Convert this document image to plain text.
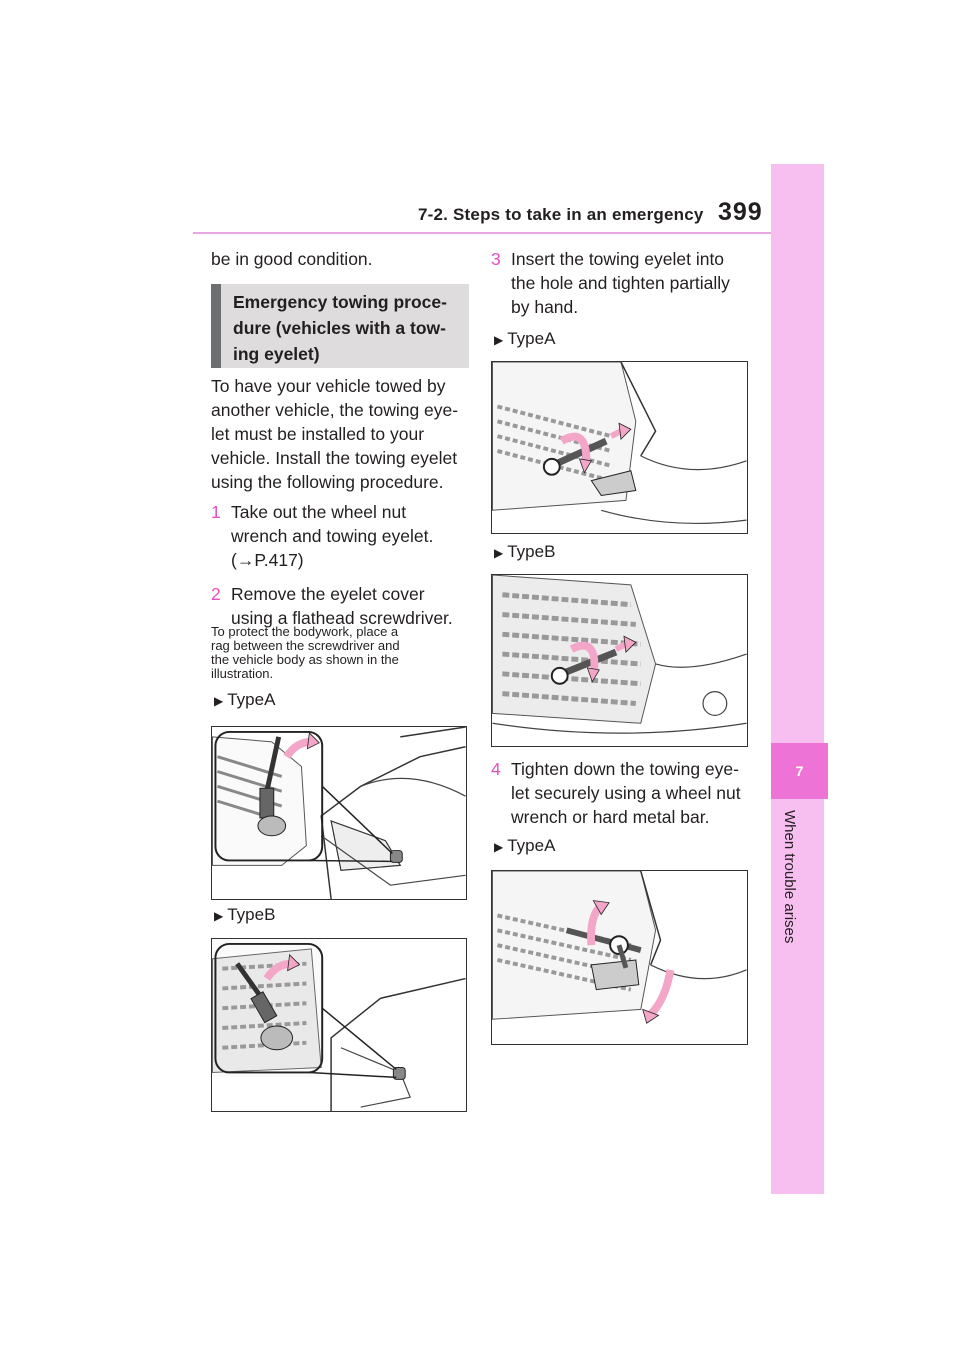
7-2. Steps to take in an emergency 399
7
When trouble arises
be in good condition.
Emergency towing proce-
dure (vehicles with a tow-
ing eyelet)
To have your vehicle towed by
another vehicle, the towing eye-
let must be installed to your
vehicle. Install the towing eyelet
using the following procedure.
1 Take out the wheel nut
wrench and towing eyelet.
(→P.417)
2 Remove the eyelet cover
using a flathead screwdriver.
To protect the bodywork, place a
rag between the screwdriver and
the vehicle body as shown in the
illustration.
▶ TypeA
▶ TypeB
3 Insert the towing eyelet into
the hole and tighten partially
by hand.
▶ TypeA
▶ TypeB
4 Tighten down the towing eye-
let securely using a wheel nut
wrench or hard metal bar.
▶ TypeA
